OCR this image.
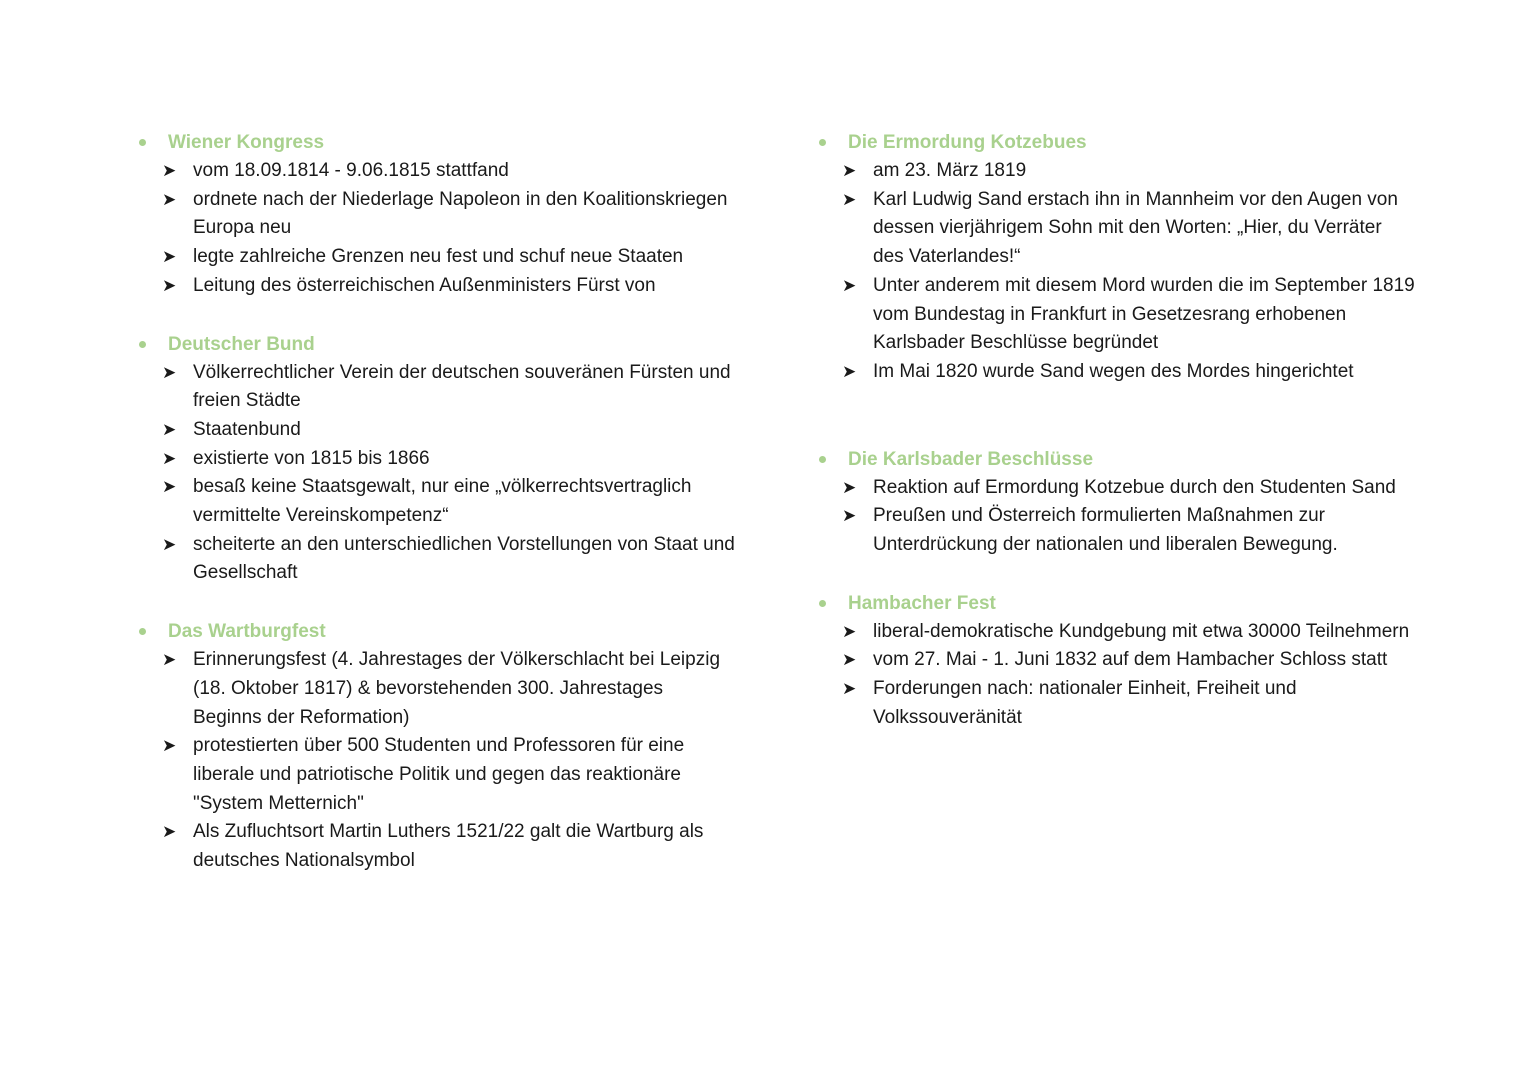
Wiener Kongress
➤ vom 18.09.1814 - 9.06.1815 stattfand
➤ ordnete nach der Niederlage Napoleon in den Koalitionskriegen Europa neu
➤ legte zahlreiche Grenzen neu fest und schuf neue Staaten
➤ Leitung des österreichischen Außenministers Fürst von
Deutscher Bund
➤ Völkerrechtlicher Verein der deutschen souveränen Fürsten und freien Städte
➤ Staatenbund
➤ existierte von 1815 bis 1866
➤ besaß keine Staatsgewalt, nur eine „völkerrechtsvertraglich vermittelte Vereinskompetenz“
➤ scheiterte an den unterschiedlichen Vorstellungen von Staat und Gesellschaft
Das Wartburgfest
➤ Erinnerungsfest (4. Jahrestages der Völkerschlacht bei Leipzig (18. Oktober 1817) & bevorstehenden 300. Jahrestages Beginns der Reformation)
➤ protestierten über 500 Studenten und Professoren für eine liberale und patriotische Politik und gegen das reaktionäre "System Metternich"
➤ Als Zufluchtsort Martin Luthers 1521/22 galt die Wartburg als deutsches Nationalsymbol
Die Ermordung Kotzebues
➤ am 23. März 1819
➤ Karl Ludwig Sand erstach ihn in Mannheim vor den Augen von dessen vierjährigem Sohn mit den Worten: „Hier, du Verräter des Vaterlandes!“
➤ Unter anderem mit diesem Mord wurden die im September 1819 vom Bundestag in Frankfurt in Gesetzesrang erhobenen Karlsbader Beschlüsse begründet
➤ Im Mai 1820 wurde Sand wegen des Mordes hingerichtet
Die Karlsbader Beschlüsse
➤ Reaktion auf Ermordung Kotzebue durch den Studenten Sand
➤ Preußen und Österreich formulierten Maßnahmen zur Unterdrückung der nationalen und liberalen Bewegung.
Hambacher Fest
➤ liberal-demokratische Kundgebung mit etwa 30000 Teilnehmern
➤ vom 27. Mai - 1. Juni 1832 auf dem Hambacher Schloss statt
➤ Forderungen nach: nationaler Einheit, Freiheit und Volkssouveränität
